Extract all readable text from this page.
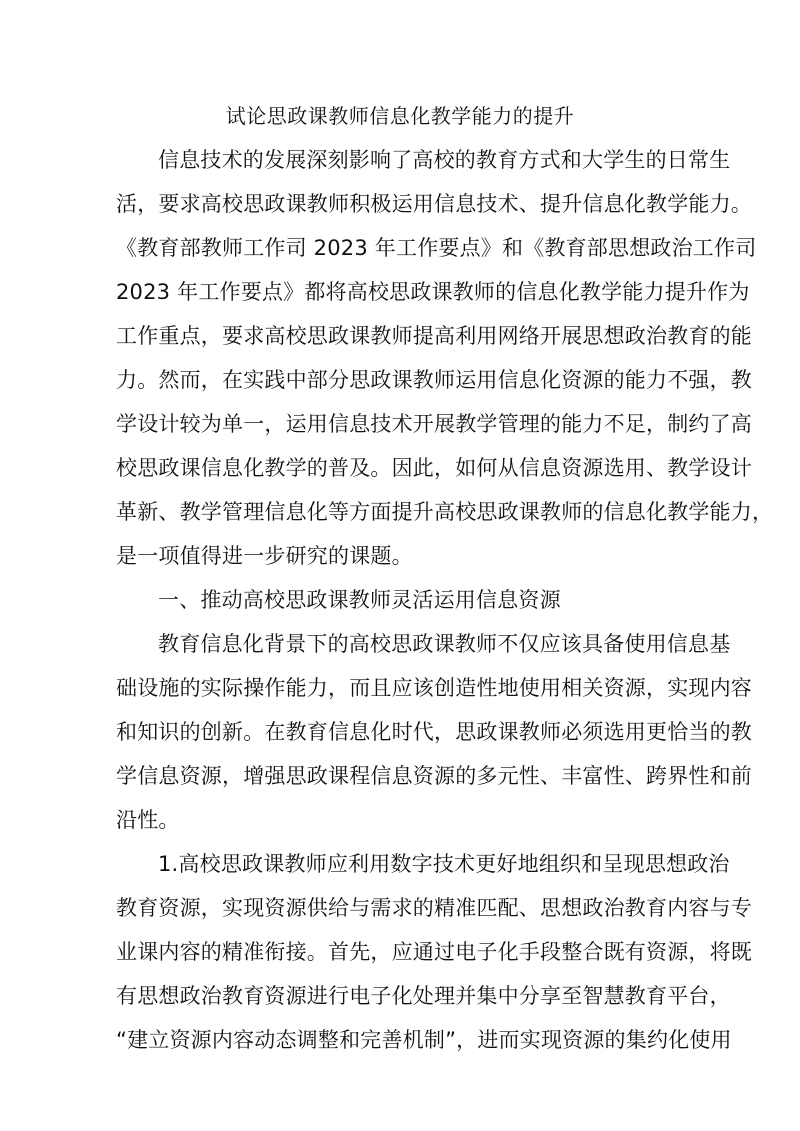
试论思政课教师信息化教学能力的提升
信息技术的发展深刻影响了高校的教育方式和大学生的日常生
活，要求高校思政课教师积极运用信息技术、提升信息化教学能力。
《教育部教师工作司 2023 年工作要点》和《教育部思想政治工作司
2023 年工作要点》都将高校思政课教师的信息化教学能力提升作为
工作重点，要求高校思政课教师提高利用网络开展思想政治教育的能
力。然而，在实践中部分思政课教师运用信息化资源的能力不强，教
学设计较为单一，运用信息技术开展教学管理的能力不足，制约了高
校思政课信息化教学的普及。因此，如何从信息资源选用、教学设计
革新、教学管理信息化等方面提升高校思政课教师的信息化教学能力，
是一项值得进一步研究的课题。
一、推动高校思政课教师灵活运用信息资源
教育信息化背景下的高校思政课教师不仅应该具备使用信息基
础设施的实际操作能力，而且应该创造性地使用相关资源，实现内容
和知识的创新。在教育信息化时代，思政课教师必须选用更恰当的教
学信息资源，增强思政课程信息资源的多元性、丰富性、跨界性和前
沿性。
1.高校思政课教师应利用数字技术更好地组织和呈现思想政治
教育资源，实现资源供给与需求的精准匹配、思想政治教育内容与专
业课内容的精准衔接。首先，应通过电子化手段整合既有资源，将既
有思想政治教育资源进行电子化处理并集中分享至智慧教育平台，
“建立资源内容动态调整和完善机制”，进而实现资源的集约化使用
